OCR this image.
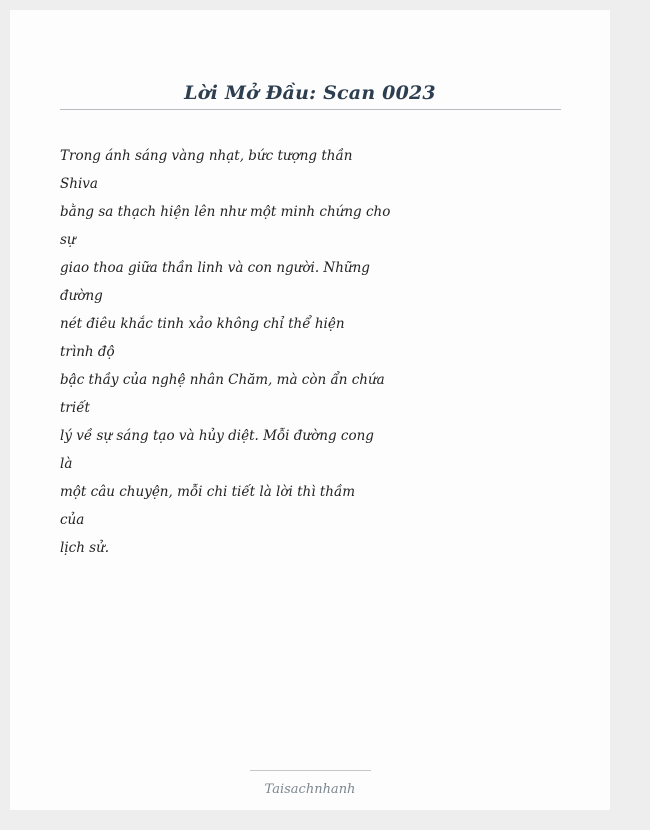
Lời Mở Đầu: Scan 0023
Trong ánh sáng vàng nhạt, bức tượng thần
Shiva
bằng sa thạch hiện lên như một minh chứng cho
sự
giao thoa giữa thần linh và con người. Những
đường
nét điêu khắc tinh xảo không chỉ thể hiện
trình độ
bậc thầy của nghệ nhân Chăm, mà còn ẩn chứa
triết
lý về sự sáng tạo và hủy diệt. Mỗi đường cong
là
một câu chuyện, mỗi chi tiết là lời thì thầm
của
lịch sử.
Taisachnhanh
